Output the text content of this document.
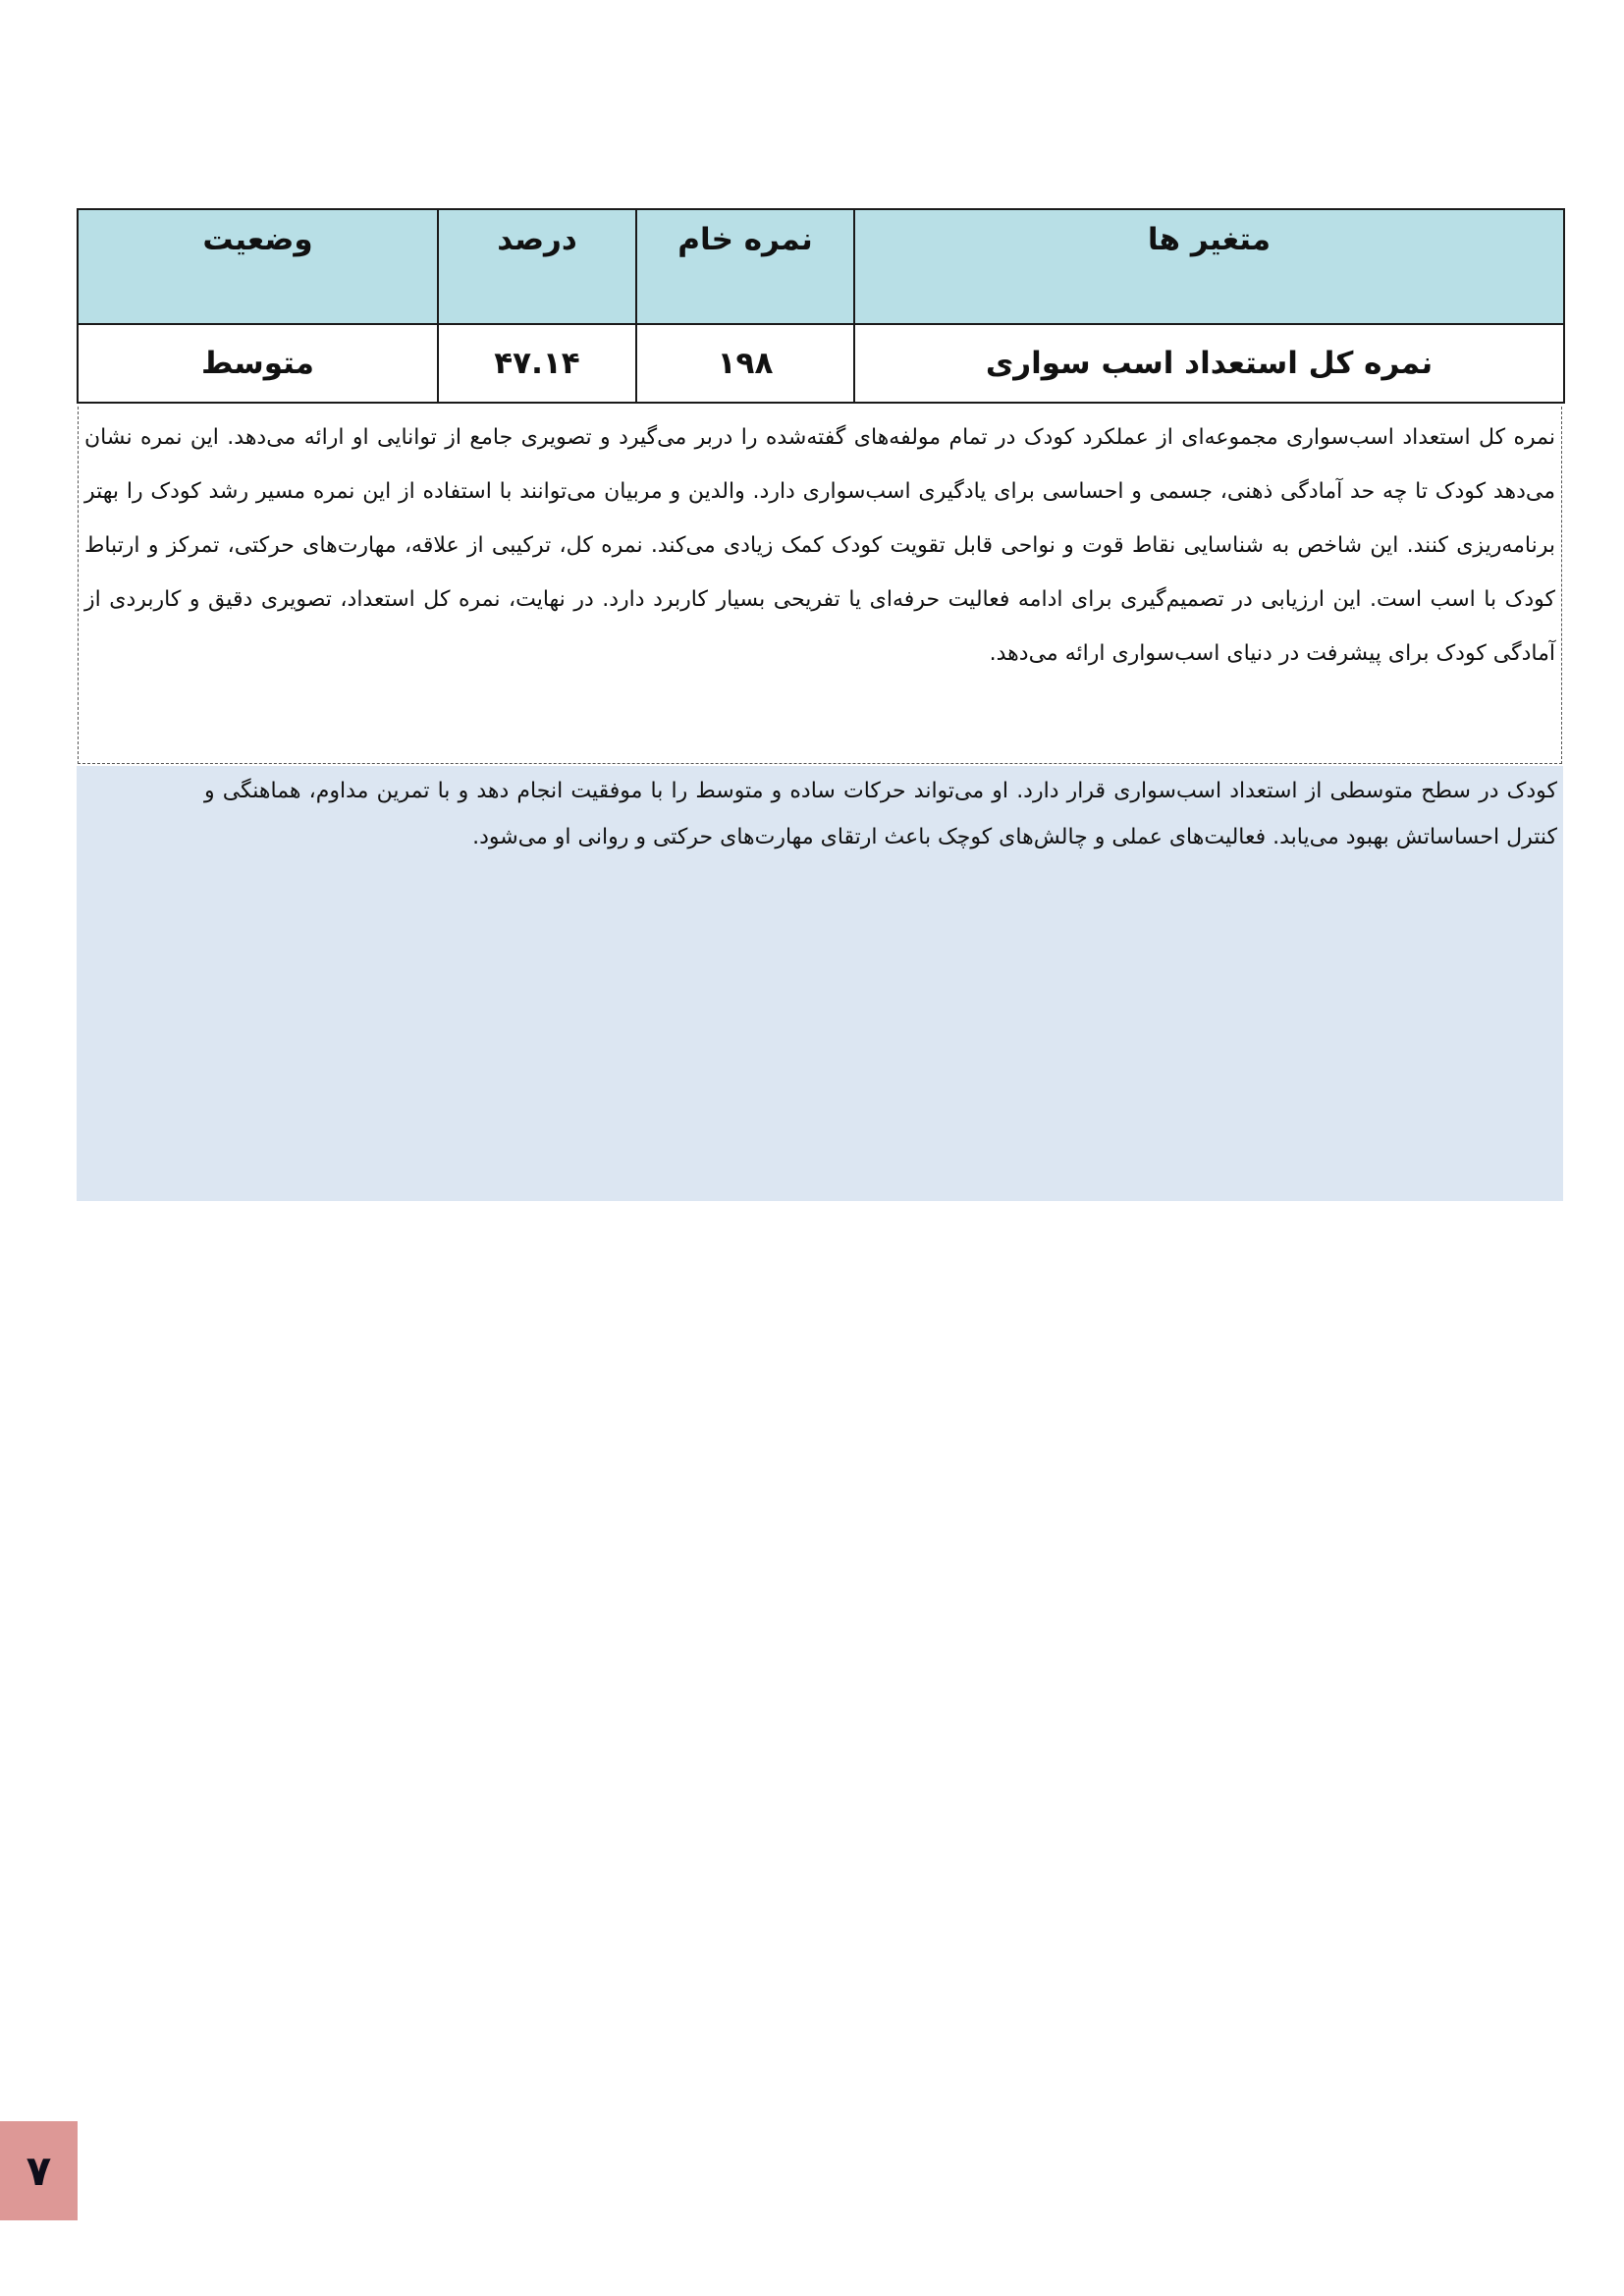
متغیر ها	نمره خام	درصد	وضعیت
نمره کل استعداد اسب سواری	۱۹۸	۴۷.۱۴	متوسط

نمره کل استعداد اسب‌سواری مجموعه‌ای از عملکرد کودک در تمام مولفه‌های گفته‌شده را دربر می‌گیرد و تصویری جامع از توانایی او ارائه می‌دهد. این نمره نشان می‌دهد کودک تا چه حد آمادگی ذهنی، جسمی و احساسی برای یادگیری اسب‌سواری دارد. والدین و مربیان می‌توانند با استفاده از این نمره مسیر رشد کودک را بهتر برنامه‌ریزی کنند. این شاخص به شناسایی نقاط قوت و نواحی قابل تقویت کودک کمک زیادی می‌کند. نمره کل، ترکیبی از علاقه، مهارت‌های حرکتی، تمرکز و ارتباط کودک با اسب است. این ارزیابی در تصمیم‌گیری برای ادامه فعالیت حرفه‌ای یا تفریحی بسیار کاربرد دارد. در نهایت، نمره کل استعداد، تصویری دقیق و کاربردی از آمادگی کودک برای پیشرفت در دنیای اسب‌سواری ارائه می‌دهد.

کودک در سطح متوسطی از استعداد اسب‌سواری قرار دارد. او می‌تواند حرکات ساده و متوسط را با موفقیت انجام دهد و با تمرین مداوم، هماهنگی و کنترل احساساتش بهبود می‌یابد. فعالیت‌های عملی و چالش‌های کوچک باعث ارتقای مهارت‌های حرکتی و روانی او می‌شود.

۷
